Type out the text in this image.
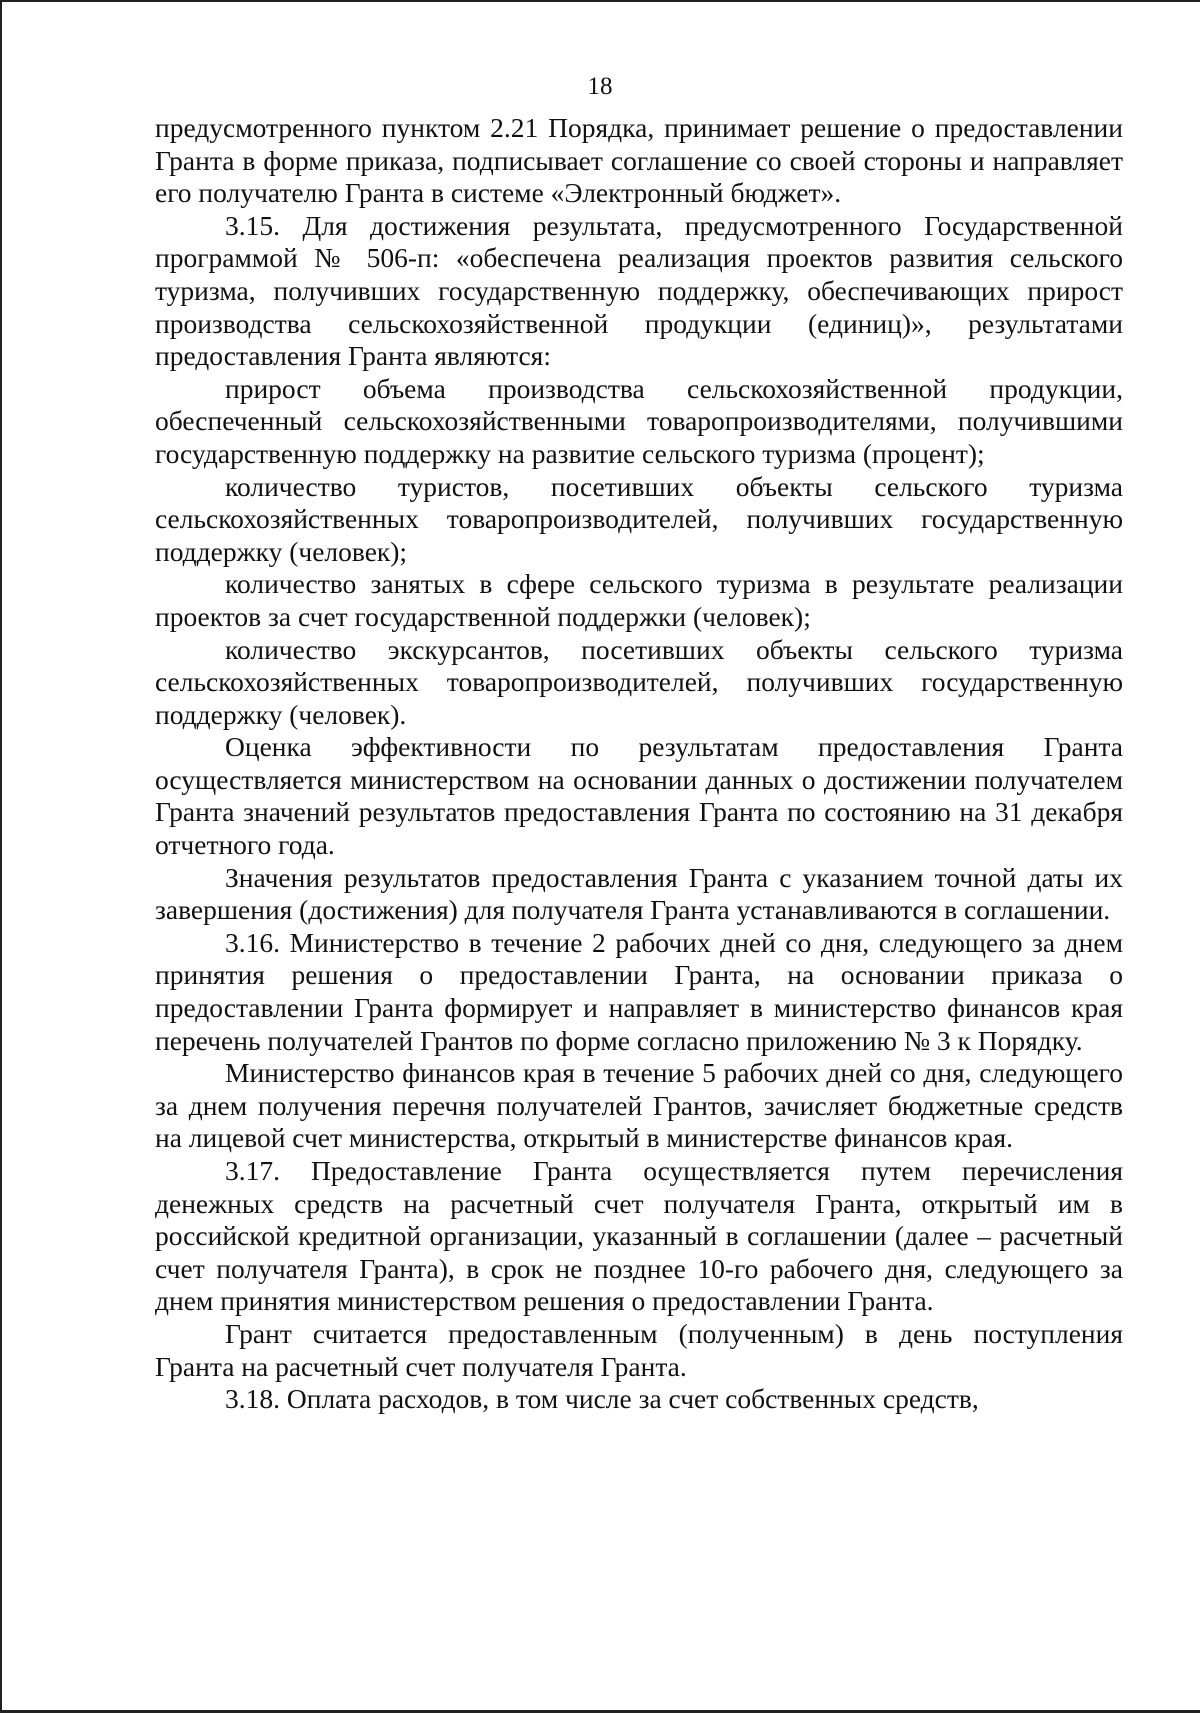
18

предусмотренного пунктом 2.21 Порядка, принимает решение о предоставлении Гранта в форме приказа, подписывает соглашение со своей стороны и направляет его получателю Гранта в системе «Электронный бюджет».

3.15. Для достижения результата, предусмотренного Государственной программой № 506-п: «обеспечена реализация проектов развития сельского туризма, получивших государственную поддержку, обеспечивающих прирост производства сельскохозяйственной продукции (единиц)», результатами предоставления Гранта являются:

прирост объема производства сельскохозяйственной продукции, обеспеченный сельскохозяйственными товаропроизводителями, получившими государственную поддержку на развитие сельского туризма (процент);

количество туристов, посетивших объекты сельского туризма сельскохозяйственных товаропроизводителей, получивших государственную поддержку (человек);

количество занятых в сфере сельского туризма в результате реализации проектов за счет государственной поддержки (человек);

количество экскурсантов, посетивших объекты сельского туризма сельскохозяйственных товаропроизводителей, получивших государственную поддержку (человек).

Оценка эффективности по результатам предоставления Гранта осуществляется министерством на основании данных о достижении получателем Гранта значений результатов предоставления Гранта по состоянию на 31 декабря отчетного года.

Значения результатов предоставления Гранта с указанием точной даты их завершения (достижения) для получателя Гранта устанавливаются в соглашении.

3.16. Министерство в течение 2 рабочих дней со дня, следующего за днем принятия решения о предоставлении Гранта, на основании приказа о предоставлении Гранта формирует и направляет в министерство финансов края перечень получателей Грантов по форме согласно приложению № 3 к Порядку.

Министерство финансов края в течение 5 рабочих дней со дня, следующего за днем получения перечня получателей Грантов, зачисляет бюджетные средств на лицевой счет министерства, открытый в министерстве финансов края.

3.17. Предоставление Гранта осуществляется путем перечисления денежных средств на расчетный счет получателя Гранта, открытый им в российской кредитной организации, указанный в соглашении (далее – расчетный счет получателя Гранта), в срок не позднее 10-го рабочего дня, следующего за днем принятия министерством решения о предоставлении Гранта.

Грант считается предоставленным (полученным) в день поступления Гранта на расчетный счет получателя Гранта.

3.18. Оплата расходов, в том числе за счет собственных средств,
